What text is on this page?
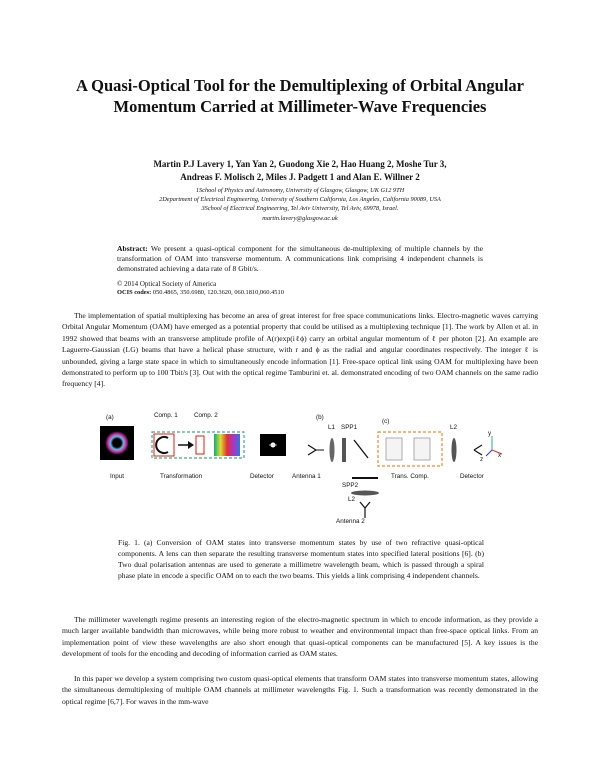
A Quasi-Optical Tool for the Demultiplexing of Orbital Angular Momentum Carried at Millimeter-Wave Frequencies
Martin P.J Lavery 1, Yan Yan 2, Guodong Xie 2, Hao Huang 2, Moshe Tur 3,
Andreas F. Molisch 2, Miles J. Padgett 1 and Alan E. Willner 2
1School of Physics and Astronomy, University of Glasgow, Glasgow, UK G12 9TH
2Department of Electrical Engineering, University of Southern California, Los Angeles, California 90089, USA
3School of Electrical Engineering, Tel Aviv University, Tel Aviv, 69978, Israel.
martin.lavery@glasgow.ac.uk
Abstract: We present a quasi-optical component for the simultaneous de-multiplexing of multiple channels by the transformation of OAM into transverse momentum. A communications link comprising 4 independent channels is demonstrated achieving a data rate of 8 Gbit/s.
© 2014 Optical Society of America
OCIS codes: 050.4865, 350.6980, 120.3620, 060.1810,060.4510
The implementation of spatial multiplexing has become an area of great interest for free space communications links. Electro-magnetic waves carrying Orbital Angular Momentum (OAM) have emerged as a potential property that could be utilised as a multiplexing technique [1]. The work by Allen et al. in 1992 showed that beams with an transverse amplitude profile of A(r)exp(iℓϕ) carry an orbital angular momentum of ℓ per photon [2]. An example are Laguerre-Gaussian (LG) beams that have a helical phase structure, with r and ϕ as the radial and angular coordinates respectively. The integer ℓ is unbounded, giving a large state space in which to simultaneously encode information [1]. Free-space optical link using OAM for multiplexing have been demonstrated to perform up to 100 Tbit/s [3]. Out with the optical regime Tamburini et. al. demonstrated encoding of two OAM channels on the same radio frequency [4].
(a)	Comp. 1	Comp. 2
Input	Transformation	Detector
(b)
(c)
L1 SPP1	L2
Antenna 1	Trans. Comp.	Detector
SPP2
L2
Antenna 2
y
x
z
Fig. 1. (a) Conversion of OAM states into transverse momentum states by use of two refractive quasi-optical components. A lens can then separate the resulting transverse momentum states into specified lateral positions [6]. (b) Two dual polarisation antennas are used to generate a millimetre wavelength beam, which is passed through a spiral phase plate in encode a specific OAM on to each the two beams. This yields a link comprising 4 independent channels.
The millimeter wavelength regime presents an interesting region of the electro-magnetic spectrum in which to encode information, as they provide a much larger available bandwidth than microwaves, while being more robust to weather and environmental impact than free-space optical links. From an implementation point of view these wavelengths are also short enough that quasi-optical components can be manufactured [5]. A key issues is the development of tools for the encoding and decoding of information carried as OAM states.
In this paper we develop a system comprising two custom quasi-optical elements that transform OAM states into transverse momentum states, allowing the simultaneous demultiplexing of multiple OAM channels at millimeter wavelengths Fig. 1. Such a transformation was recently demonstrated in the optical regime [6,7]. For waves in the mm-wave
